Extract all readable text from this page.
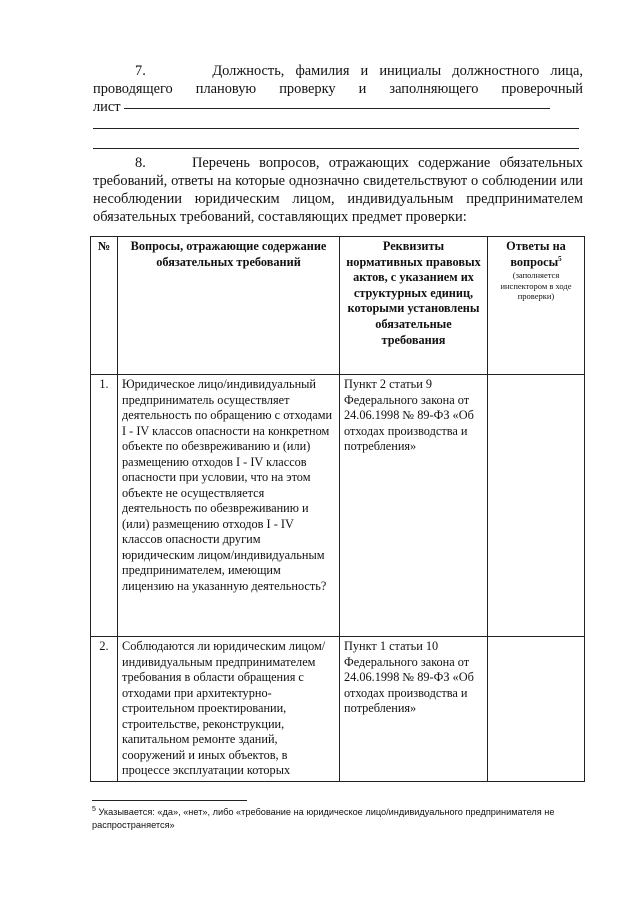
7.	Должность, фамилия и инициалы должностного лица,
проводящего плановую проверку и заполняющего проверочный
лист
8.	Перечень вопросов, отражающих содержание обязательных требований, ответы на которые однозначно свидетельствуют о соблюдении или несоблюдении юридическим лицом, индивидуальным предпринимателем обязательных требований, составляющих предмет проверки:
№	Вопросы, отражающие содержание обязательных требований	Реквизиты нормативных правовых актов, с указанием их структурных единиц, которыми установлены обязательные требования	Ответы на вопросы$^5$
(заполняется инспектором в ходе проверки)

1.	Юридическое лицо/индивидуальный предприниматель осуществляет деятельность по обращению с отходами I - IV классов опасности на конкретном объекте по обезвреживанию и (или) размещению отходов I - IV классов опасности при условии, что на этом объекте не осуществляется деятельность по обезвреживанию и (или) размещению отходов I - IV классов опасности другим юридическим лицом/индивидуальным предпринимателем, имеющим лицензию на указанную деятельность?	Пункт 2 статьи 9 Федерального закона от 24.06.1998 № 89-ФЗ «Об отходах производства и потребления»	
2.	Соблюдаются ли юридическим лицом/индивидуальным предпринимателем требования в области обращения с отходами при архитектурно-строительном проектировании, строительстве, реконструкции, капитальном ремонте зданий, сооружений и иных объектов, в процессе эксплуатации которых	Пункт 1 статьи 10 Федерального закона от 24.06.1998 № 89-ФЗ «Об отходах производства и потребления»	
$^5$ Указывается: «да», «нет», либо «требование на юридическое лицо/индивидуального предпринимателя не распространяется»
